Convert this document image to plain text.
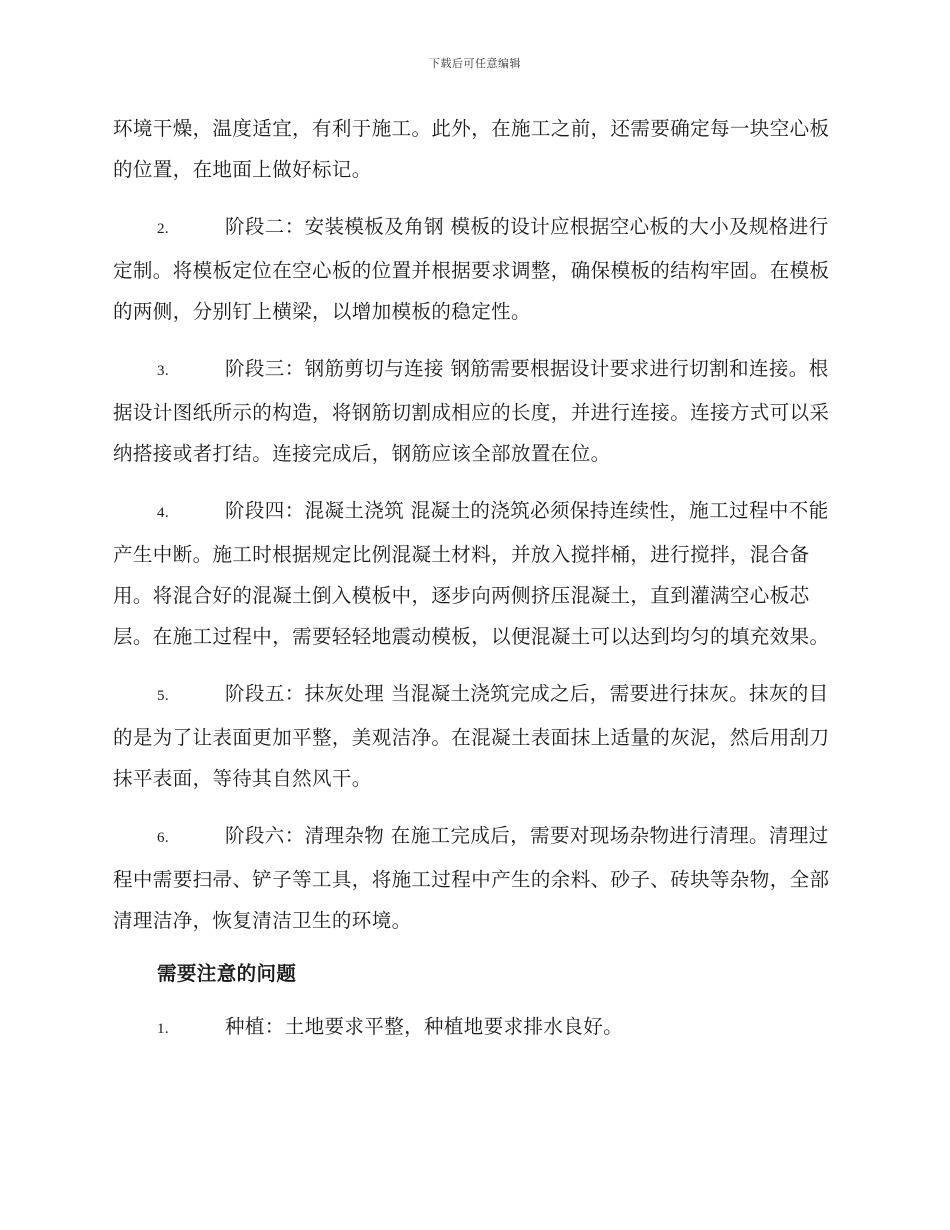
下载后可任意编辑

环境干燥，温度适宜，有利于施工。此外，在施工之前，还需要确定每一块空心板的位置，在地面上做好标记。

2.	阶段二：安装模板及角钢 模板的设计应根据空心板的大小及规格进行定制。将模板定位在空心板的位置并根据要求调整，确保模板的结构牢固。在模板的两侧，分别钉上横梁，以增加模板的稳定性。

3.	阶段三：钢筋剪切与连接 钢筋需要根据设计要求进行切割和连接。根据设计图纸所示的构造，将钢筋切割成相应的长度，并进行连接。连接方式可以采纳搭接或者打结。连接完成后，钢筋应该全部放置在位。

4.	阶段四：混凝土浇筑 混凝土的浇筑必须保持连续性，施工过程中不能产生中断。施工时根据规定比例混凝土材料，并放入搅拌桶，进行搅拌，混合备用。将混合好的混凝土倒入模板中，逐步向两侧挤压混凝土，直到灌满空心板芯层。在施工过程中，需要轻轻地震动模板，以便混凝土可以达到均匀的填充效果。

5.	阶段五：抹灰处理 当混凝土浇筑完成之后，需要进行抹灰。抹灰的目的是为了让表面更加平整，美观洁净。在混凝土表面抹上适量的灰泥，然后用刮刀抹平表面，等待其自然风干。

6.	阶段六：清理杂物 在施工完成后，需要对现场杂物进行清理。清理过程中需要扫帚、铲子等工具，将施工过程中产生的余料、砂子、砖块等杂物，全部清理洁净，恢复清洁卫生的环境。

需要注意的问题

1.	种植：土地要求平整，种植地要求排水良好。
